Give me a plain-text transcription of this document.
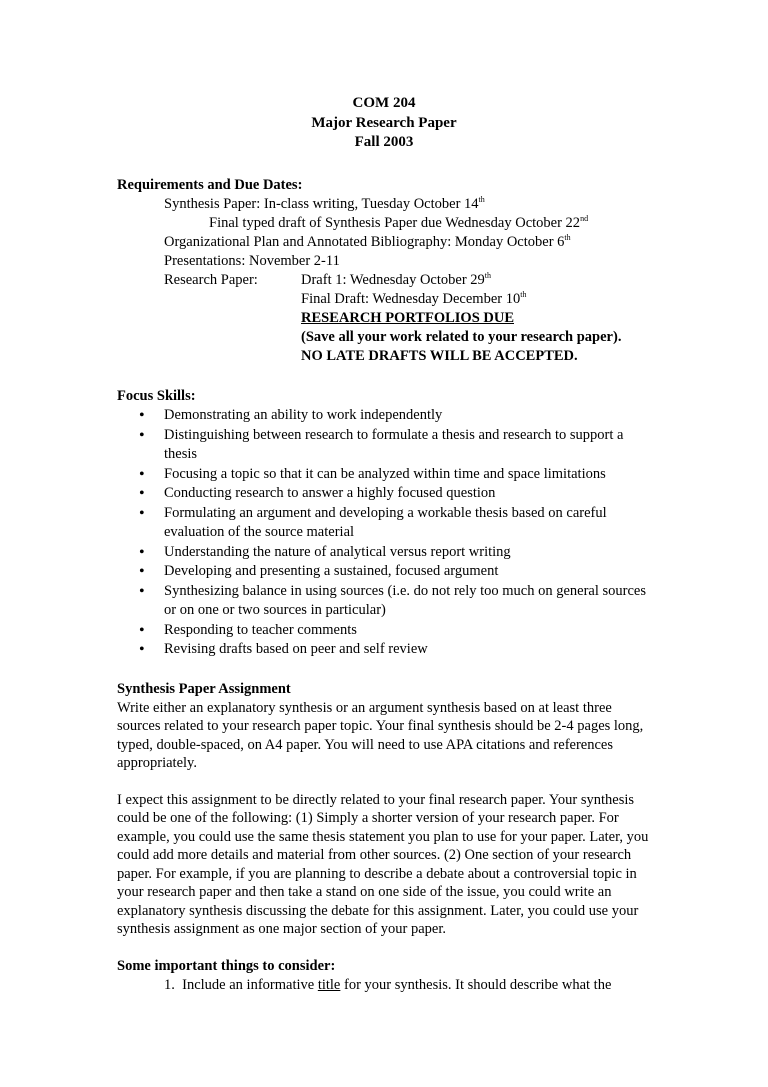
COM 204
Major Research Paper
Fall 2003
Requirements and Due Dates:
Synthesis Paper: In-class writing, Tuesday October 14th
Final typed draft of Synthesis Paper due Wednesday October 22nd
Organizational Plan and Annotated Bibliography: Monday October 6th
Presentations: November 2-11
Research Paper:	Draft 1: Wednesday October 29th
Final Draft: Wednesday December 10th
RESEARCH PORTFOLIOS DUE
(Save all your work related to your research paper).
NO LATE DRAFTS WILL BE ACCEPTED.
Focus Skills:
• Demonstrating an ability to work independently
• Distinguishing between research to formulate a thesis and research to support a thesis
• Focusing a topic so that it can be analyzed within time and space limitations
• Conducting research to answer a highly focused question
• Formulating an argument and developing a workable thesis based on careful evaluation of the source material
• Understanding the nature of analytical versus report writing
• Developing and presenting a sustained, focused argument
• Synthesizing balance in using sources (i.e. do not rely too much on general sources or on one or two sources in particular)
• Responding to teacher comments
• Revising drafts based on peer and self review
Synthesis Paper Assignment
Write either an explanatory synthesis or an argument synthesis based on at least three sources related to your research paper topic. Your final synthesis should be 2-4 pages long, typed, double-spaced, on A4 paper. You will need to use APA citations and references appropriately.
I expect this assignment to be directly related to your final research paper. Your synthesis could be one of the following: (1) Simply a shorter version of your research paper. For example, you could use the same thesis statement you plan to use for your paper. Later, you could add more details and material from other sources. (2) One section of your research paper. For example, if you are planning to describe a debate about a controversial topic in your research paper and then take a stand on one side of the issue, you could write an explanatory synthesis discussing the debate for this assignment. Later, you could use your synthesis assignment as one major section of your paper.
Some important things to consider:
1. Include an informative title for your synthesis. It should describe what the
